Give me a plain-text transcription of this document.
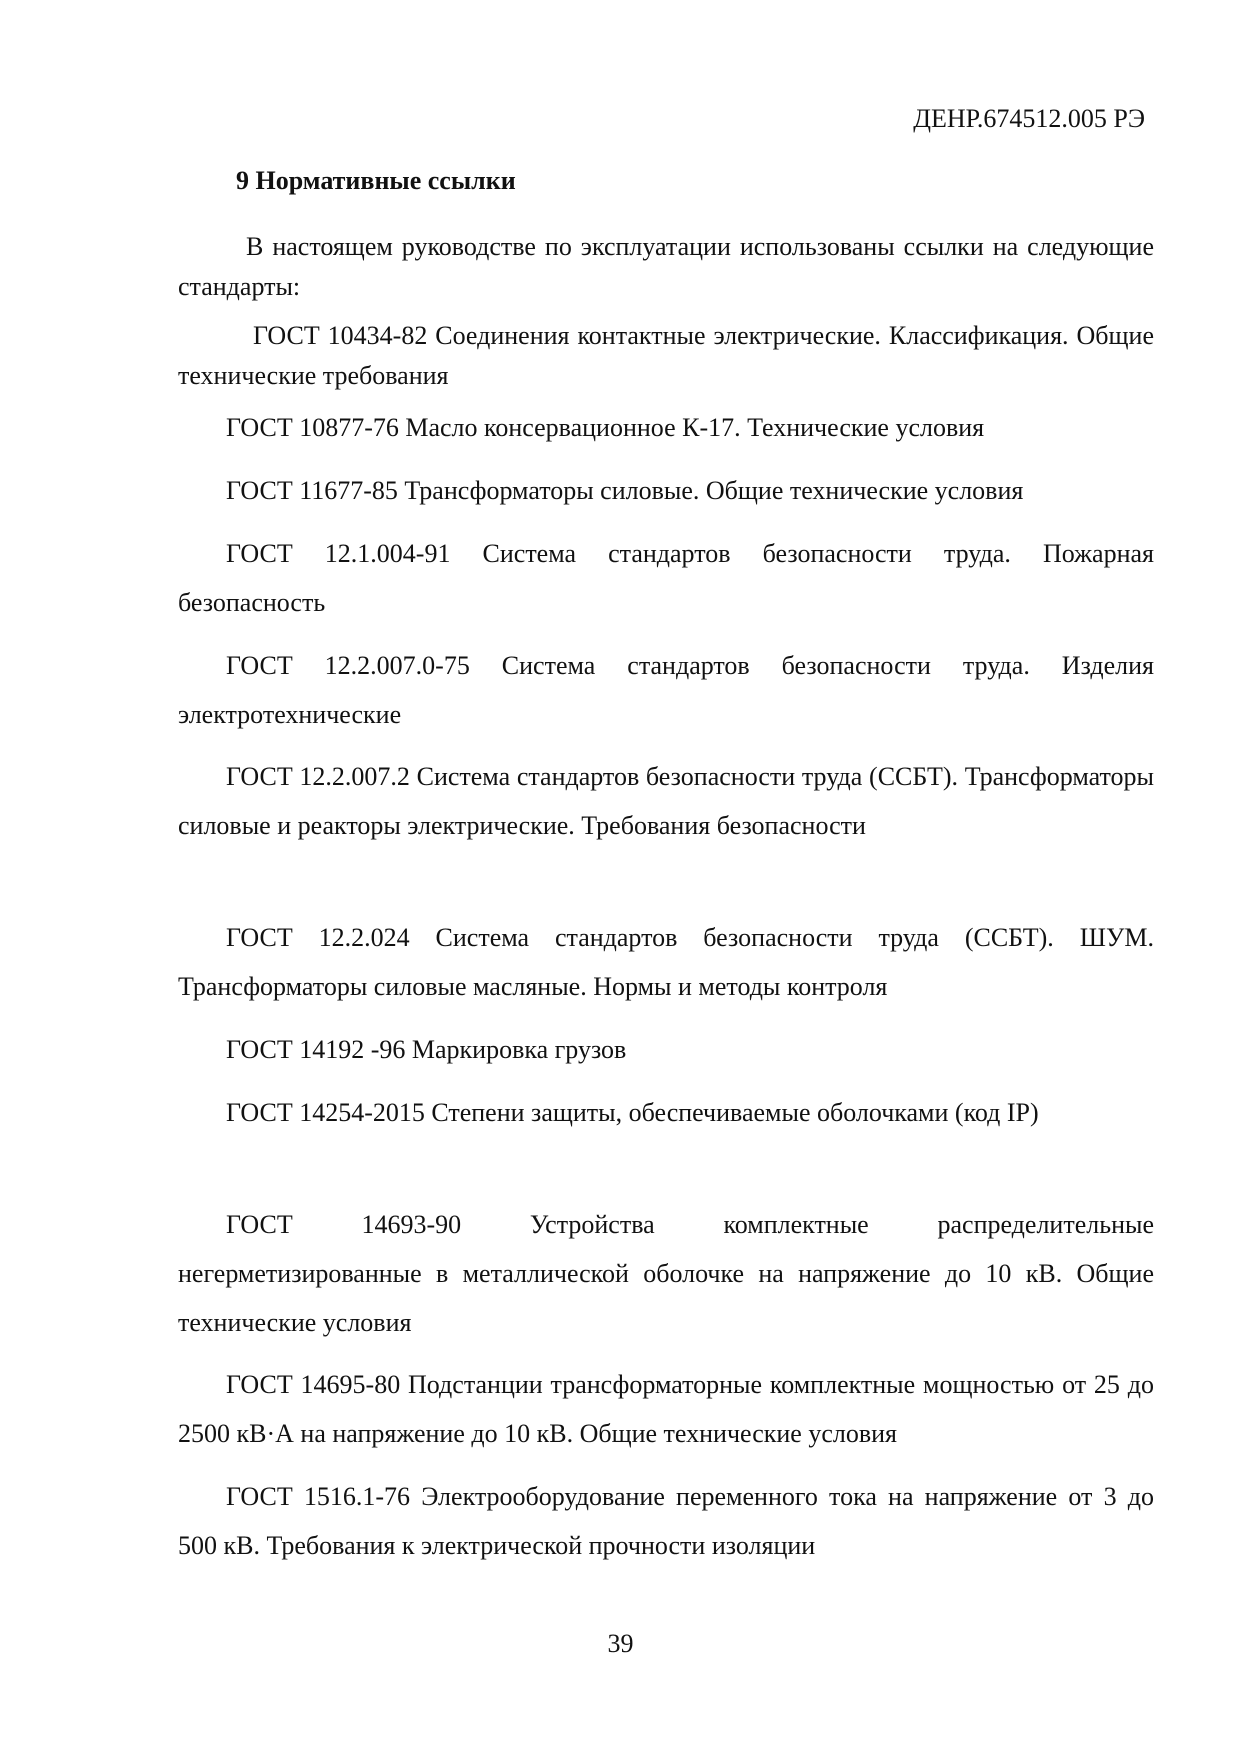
ДЕНР.674512.005 РЭ
9 Нормативные ссылки

В настоящем руководстве по эксплуатации использованы ссылки на следующие стандарты:

ГОСТ 10434-82 Соединения контактные электрические. Классификация. Общие технические требования

ГОСТ 10877-76 Масло консервационное К-17. Технические условия

ГОСТ 11677-85 Трансформаторы силовые. Общие технические условия

ГОСТ 12.1.004-91 Система стандартов безопасности труда. Пожарная безопасность

ГОСТ 12.2.007.0-75 Система стандартов безопасности труда. Изделия электротехнические

ГОСТ 12.2.007.2 Система стандартов безопасности труда (ССБТ). Трансформаторы силовые и реакторы электрические. Требования безопасности

ГОСТ 12.2.024 Система стандартов безопасности труда (ССБТ). ШУМ. Трансформаторы силовые масляные. Нормы и методы контроля

ГОСТ 14192 -96 Маркировка грузов

ГОСТ 14254-2015 Степени защиты, обеспечиваемые оболочками (код IP)

ГОСТ 14693-90 Устройства комплектные распределительные негерметизированные в металлической оболочке на напряжение до 10 кВ. Общие технические условия

ГОСТ 14695-80 Подстанции трансформаторные комплектные мощностью от 25 до 2500 кВ·А на напряжение до 10 кВ. Общие технические условия

ГОСТ 1516.1-76 Электрооборудование переменного тока на напряжение от 3 до 500 кВ. Требования к электрической прочности изоляции

39
